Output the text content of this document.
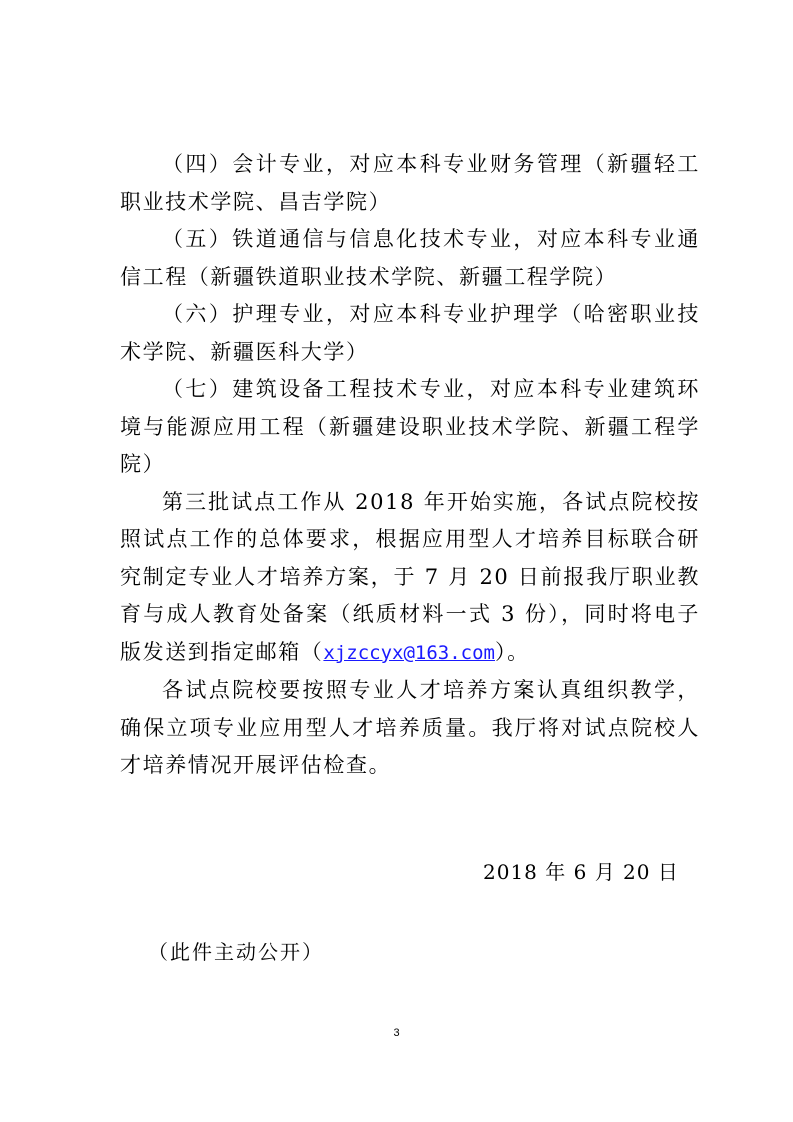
（四）会计专业，对应本科专业财务管理（新疆轻工职业技术学院、昌吉学院）

（五）铁道通信与信息化技术专业，对应本科专业通信工程（新疆铁道职业技术学院、新疆工程学院）

（六）护理专业，对应本科专业护理学（哈密职业技术学院、新疆医科大学）

（七）建筑设备工程技术专业，对应本科专业建筑环境与能源应用工程（新疆建设职业技术学院、新疆工程学院）

第三批试点工作从 2018 年开始实施，各试点院校按照试点工作的总体要求，根据应用型人才培养目标联合研究制定专业人才培养方案，于 7 月 20 日前报我厅职业教育与成人教育处备案（纸质材料一式 3 份），同时将电子版发送到指定邮箱（xjzccyx@163.com）。

各试点院校要按照专业人才培养方案认真组织教学，确保立项专业应用型人才培养质量。我厅将对试点院校人才培养情况开展评估检查。

2018 年 6 月 20 日
（此件主动公开）
3
